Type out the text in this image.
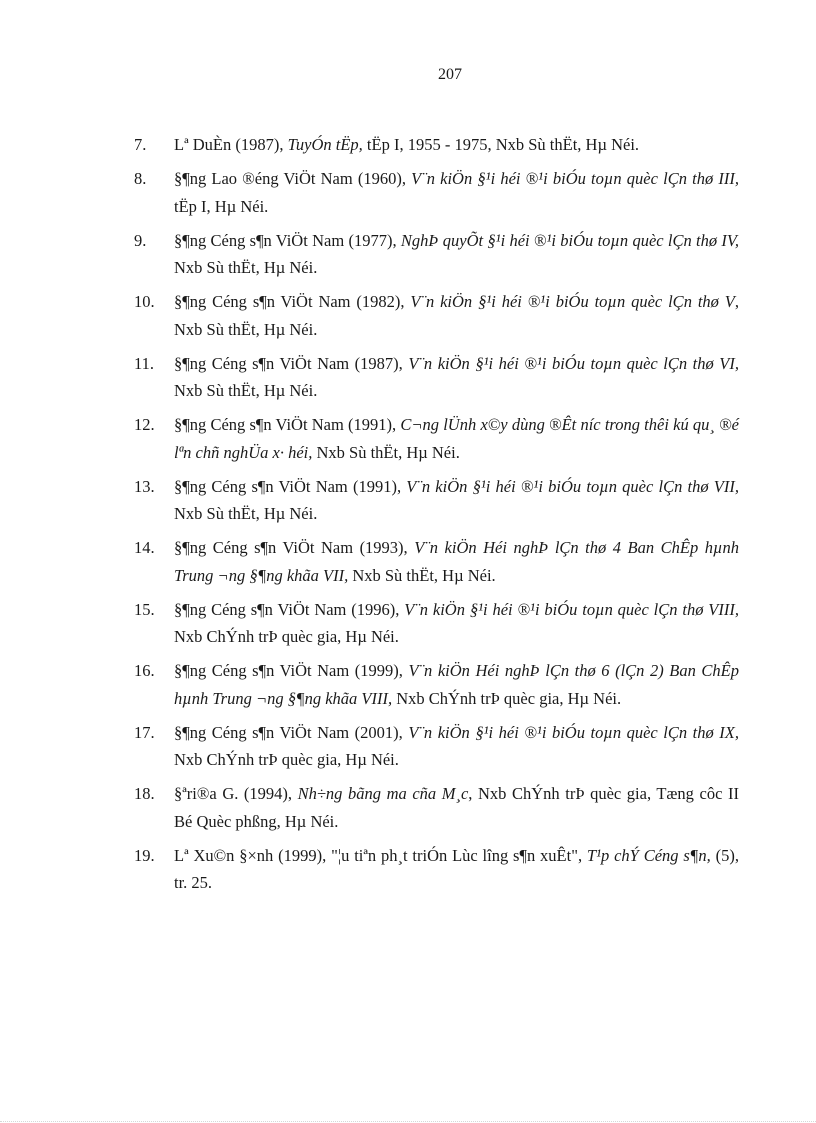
207
7.	Lª DuÈn (1987), TuyÓn tËp, tËp I, 1955 - 1975, Nxb Sù thËt, Hµ Néi.
8.	§¶ng Lao ®éng ViÖt Nam (1960), V¨n kiÖn §¹i héi ®¹i biÓu toµn quèc lÇn thø III, tËp I, Hµ Néi.
9.	§¶ng Céng s¶n ViÖt Nam (1977), NghÞ quyÕt §¹i héi ®¹i biÓu toµn quèc lÇn thø IV, Nxb Sù thËt, Hµ Néi.
10.	§¶ng Céng s¶n ViÖt Nam (1982), V¨n kiÖn §¹i héi ®¹i biÓu toµn quèc lÇn thø V, Nxb Sù thËt, Hµ Néi.
11.	§¶ng Céng s¶n ViÖt Nam (1987), V¨n kiÖn §¹i héi ®¹i biÓu toµn quèc lÇn thø VI, Nxb Sù thËt, Hµ Néi.
12.	§¶ng Céng s¶n ViÖt Nam (1991), C¬ng lÜnh x©y dùng ®Êt níc trong thêi kú qu¸ ®é lªn chñ nghÜa x· héi, Nxb Sù thËt, Hµ Néi.
13.	§¶ng Céng s¶n ViÖt Nam (1991), V¨n kiÖn §¹i héi ®¹i biÓu toµn quèc lÇn thø VII, Nxb Sù thËt, Hµ Néi.
14.	§¶ng Céng s¶n ViÖt Nam (1993), V¨n kiÖn Héi nghÞ lÇn thø 4 Ban ChÊp hµnh Trung ¬ng §¶ng khãa VII, Nxb Sù thËt, Hµ Néi.
15.	§¶ng Céng s¶n ViÖt Nam (1996), V¨n kiÖn §¹i héi ®¹i biÓu toµn quèc lÇn thø VIII, Nxb ChÝnh trÞ quèc gia, Hµ Néi.
16.	§¶ng Céng s¶n ViÖt Nam (1999), V¨n kiÖn Héi nghÞ lÇn thø 6 (lÇn 2) Ban ChÊp hµnh Trung ¬ng §¶ng khãa VIII, Nxb ChÝnh trÞ quèc gia, Hµ Néi.
17.	§¶ng Céng s¶n ViÖt Nam (2001), V¨n kiÖn §¹i héi ®¹i biÓu toµn quèc lÇn thø IX, Nxb ChÝnh trÞ quèc gia, Hµ Néi.
18.	§ªri®a G. (1994), Nh÷ng bãng ma cña M¸c, Nxb ChÝnh trÞ quèc gia, Tæng côc II Bé Quèc phßng, Hµ Néi.
19.	Lª Xu©n §×nh (1999), "¦u tiªn ph¸t triÓn Lùc lîng s¶n xuÊt", T¹p chÝ Céng s¶n, (5), tr. 25.
